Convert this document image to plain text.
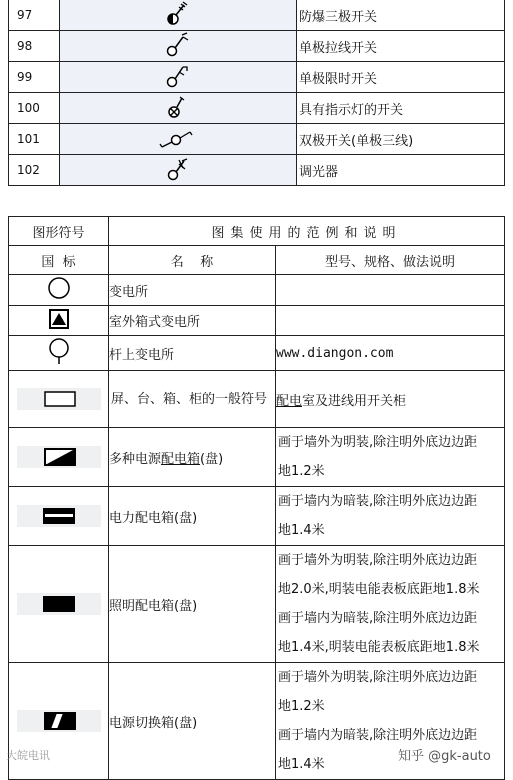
97		防爆三极开关
98		单极拉线开关
99		单极限时开关
100		具有指示灯的开关
101		双极开关(单极三线)
102		调光器
图形符号	图集使用的范例和说明	
国  标	名    称	型号、规格、做法说明
	变电所	
	室外箱式变电所	
	杆上变电所	www.diangon.com
	屏、台、箱、柜的一般符号	配电室及进线用开关柜
	多种电源配电箱(盘)	画于墙外为明装,除注明外底边边距
地1.2米

	电力配电箱(盘)	画于墙内为暗装,除注明外底边边距
地1.4米

	照明配电箱(盘)	画于墙外为明装,除注明外底边边距
地2.0米,明装电能表板底距地1.8米
画于墙内为暗装,除注明外底边边距
地1.4米,明装电能表板底距地1.8米

	电源切换箱(盘)	画于墙外为明装,除注明外底边边距
地1.2米
画于墙内为暗装,除注明外底边边距
地1.4米
大皖电讯	知乎 @gk-auto
